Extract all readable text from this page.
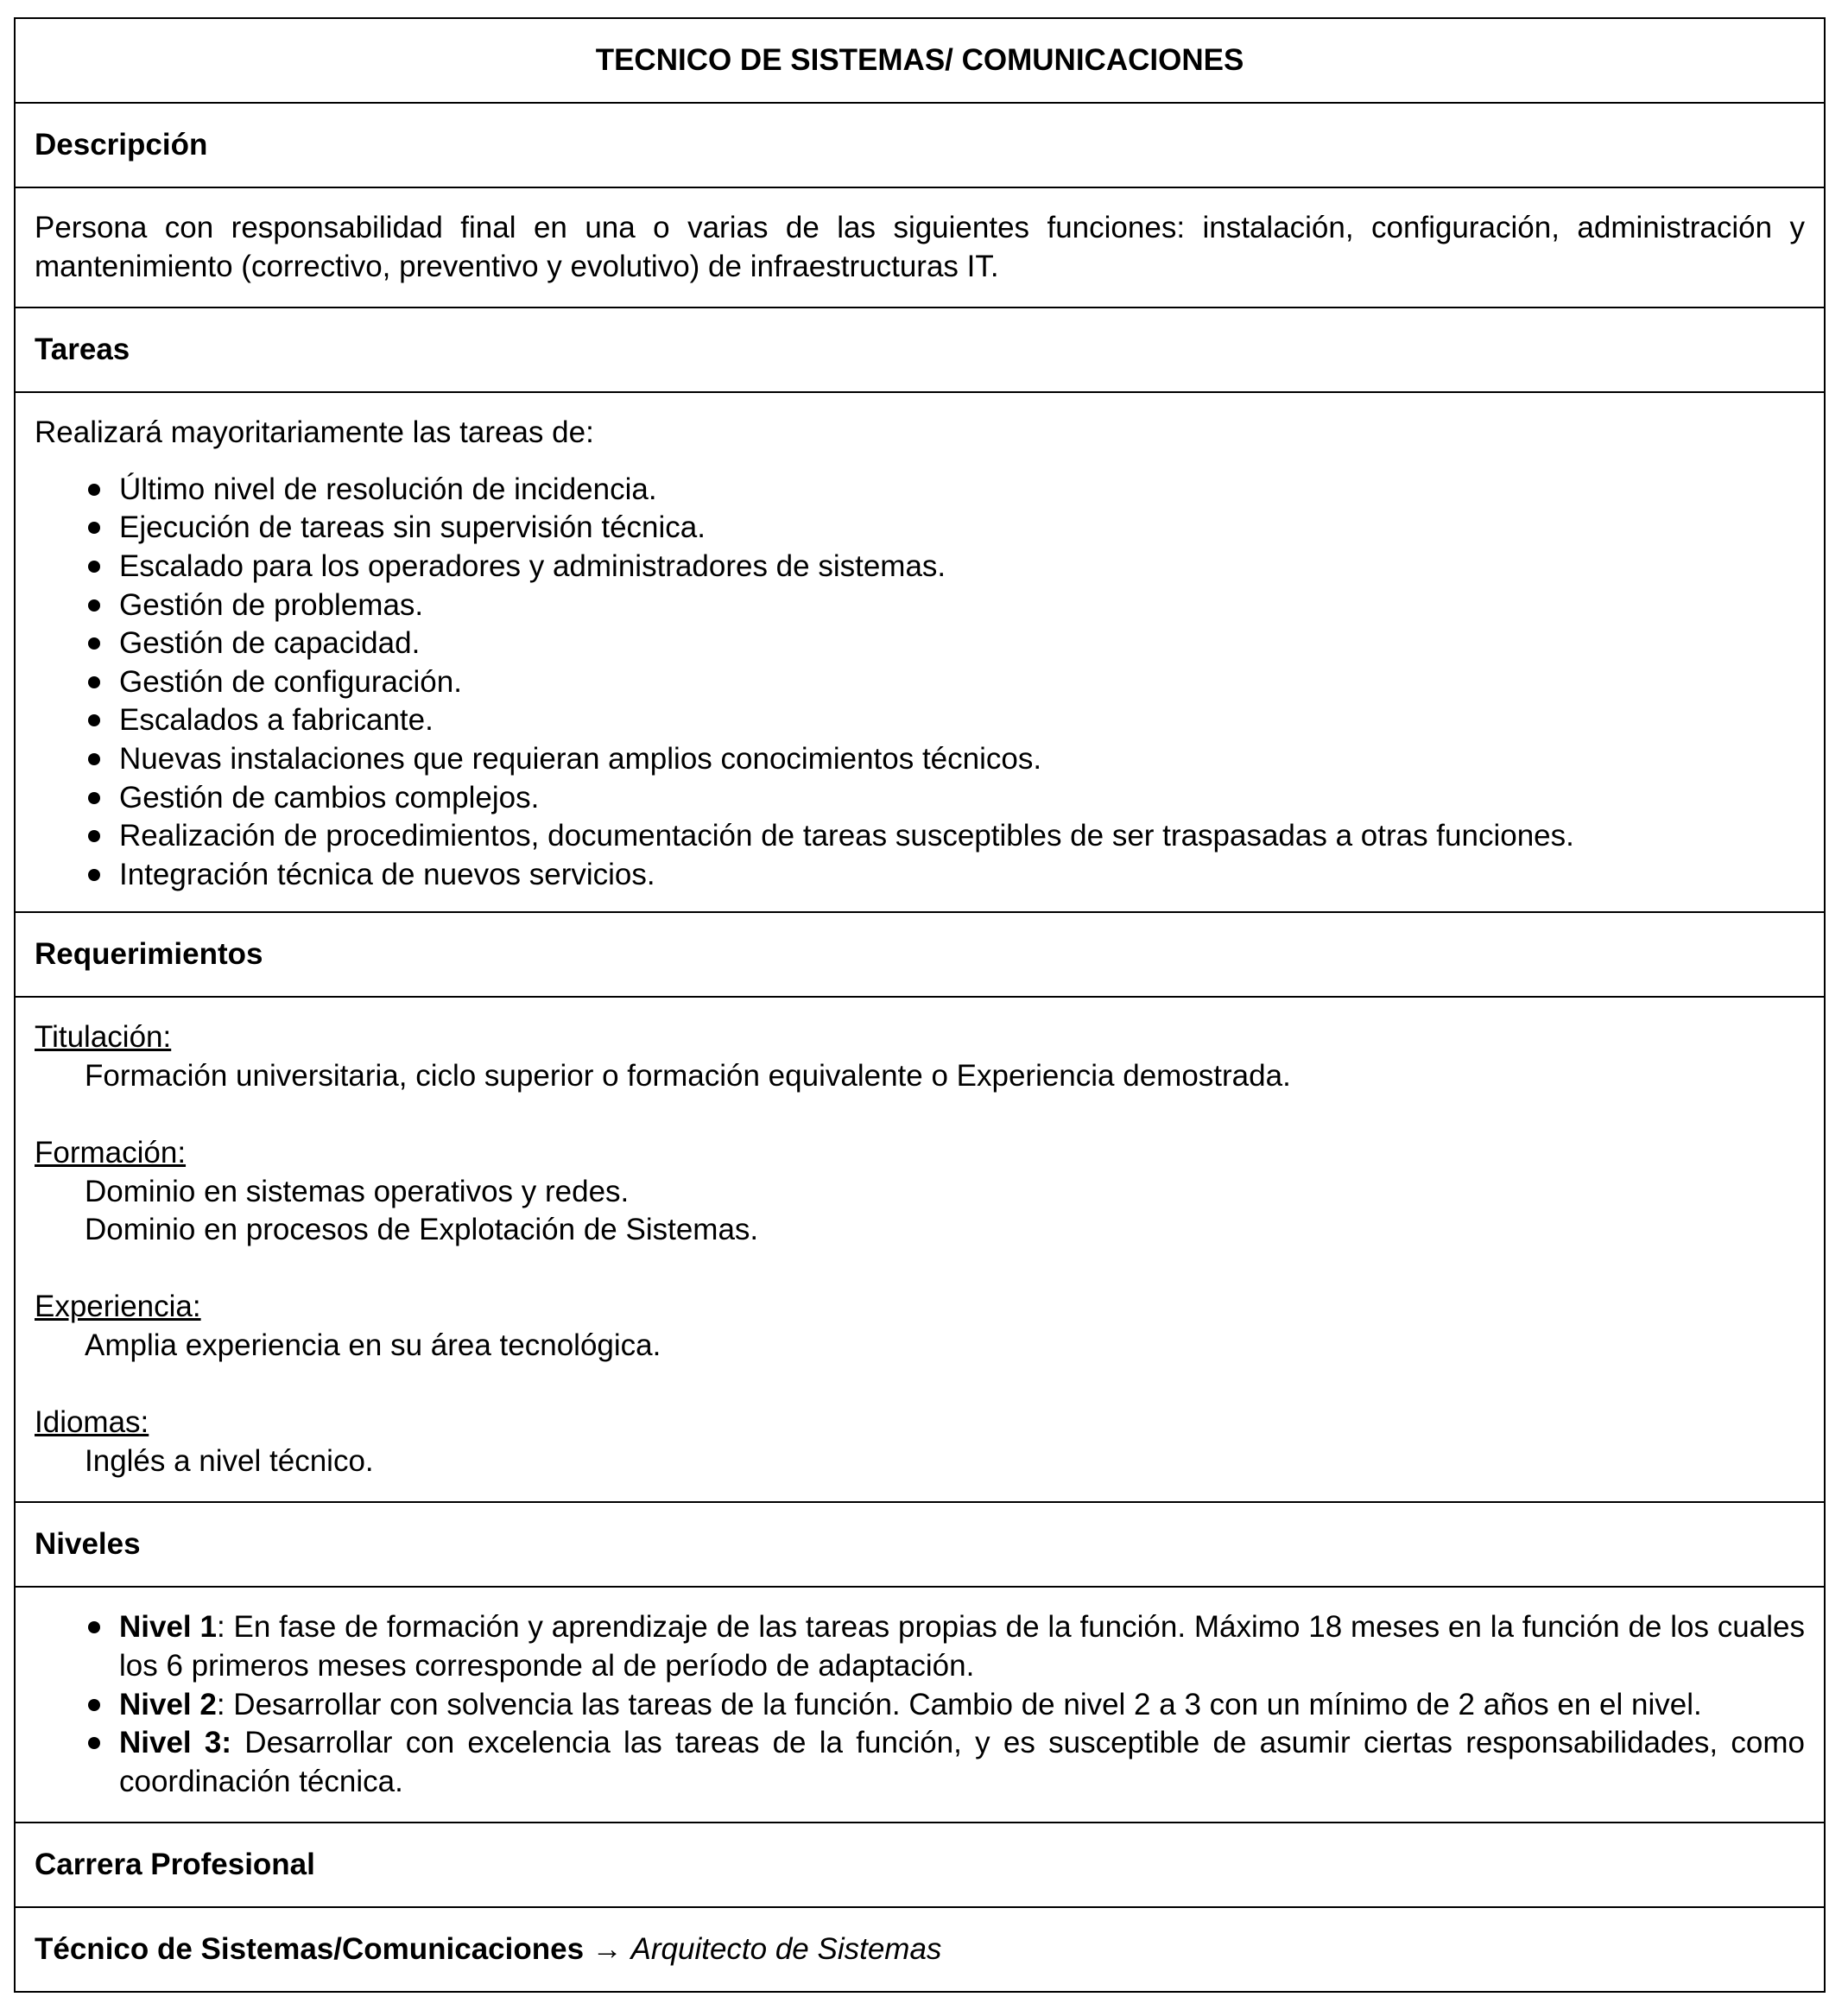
TECNICO DE SISTEMAS/ COMUNICACIONES
Descripción
Persona con responsabilidad final en una o varias de las siguientes funciones: instalación, configuración, administración y mantenimiento (correctivo, preventivo y evolutivo) de infraestructuras IT.
Tareas

Realizará mayoritariamente las tareas de:
Último nivel de resolución de incidencia.
Ejecución de tareas sin supervisión técnica.
Escalado para los operadores y administradores de sistemas.
Gestión de problemas.
Gestión de capacidad.
Gestión de configuración.
Escalados a fabricante.
Nuevas instalaciones que requieran amplios conocimientos técnicos.
Gestión de cambios complejos.
Realización de procedimientos, documentación de tareas susceptibles de ser traspasadas a otras funciones.
Integración técnica de nuevos servicios.

Requerimientos

Titulación:
Formación universitaria, ciclo superior o formación equivalente o Experiencia demostrada.
Formación:
Dominio en sistemas operativos y redes.
Dominio en procesos de Explotación de Sistemas.
Experiencia:
Amplia experiencia en su área tecnológica.
Idiomas:
Inglés a nivel técnico.

Niveles

Nivel 1: En fase de formación y aprendizaje de las tareas propias de la función. Máximo 18 meses en la función de los cuales los 6 primeros meses corresponde al de período de adaptación.
Nivel 2: Desarrollar con solvencia las tareas de la función. Cambio de nivel 2 a 3 con un mínimo de 2 años en el nivel.
Nivel 3: Desarrollar con excelencia las tareas de la función, y es susceptible de asumir ciertas responsabilidades, como coordinación técnica.

Carrera Profesional
Técnico de Sistemas/Comunicaciones → Arquitecto de Sistemas
